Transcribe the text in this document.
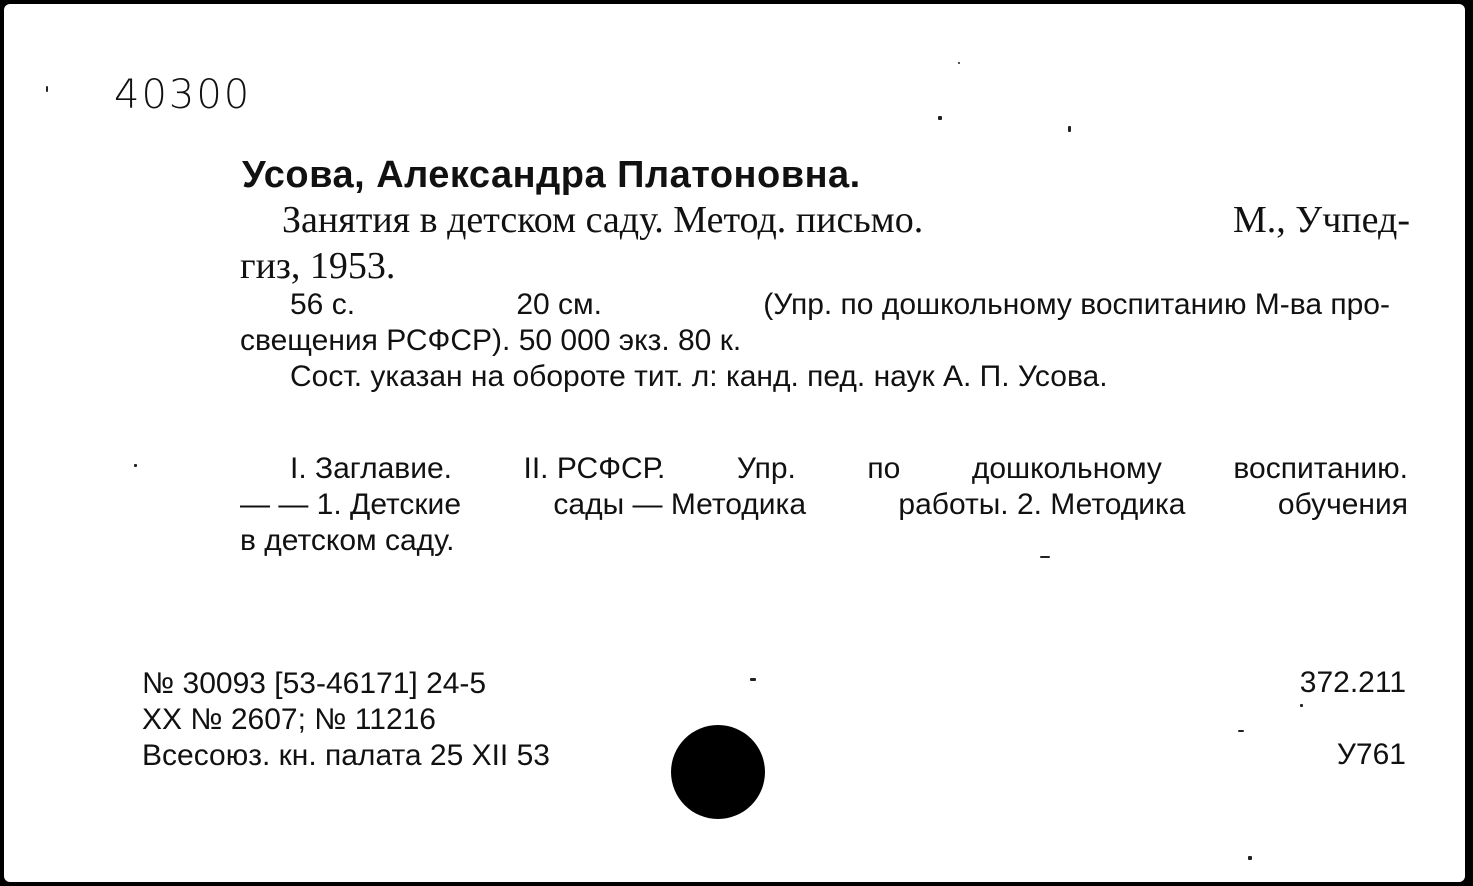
40300
Усова, Александра Платоновна.
Занятия в детском саду. Метод. письмо.	М., Учпед-
гиз, 1953.
56 с.	20 см.	(Упр. по дошкольному воспитанию М-ва про-
свещения РСФСР). 50 000 экз. 80 к.
Сост. указан на обороте тит. л: канд. пед. наук А. П. Усова.
I. Заглавие. II. РСФСР. Упр. по дошкольному воспитанию.
— — 1. Детские	сады — Методика	работы. 2. Методика	обучения
в детском саду.
№ 30093 [53-46171] 24-5
XX № 2607; № 11216
Всесоюз. кн. палата 25 XII 53
372.211
У761
